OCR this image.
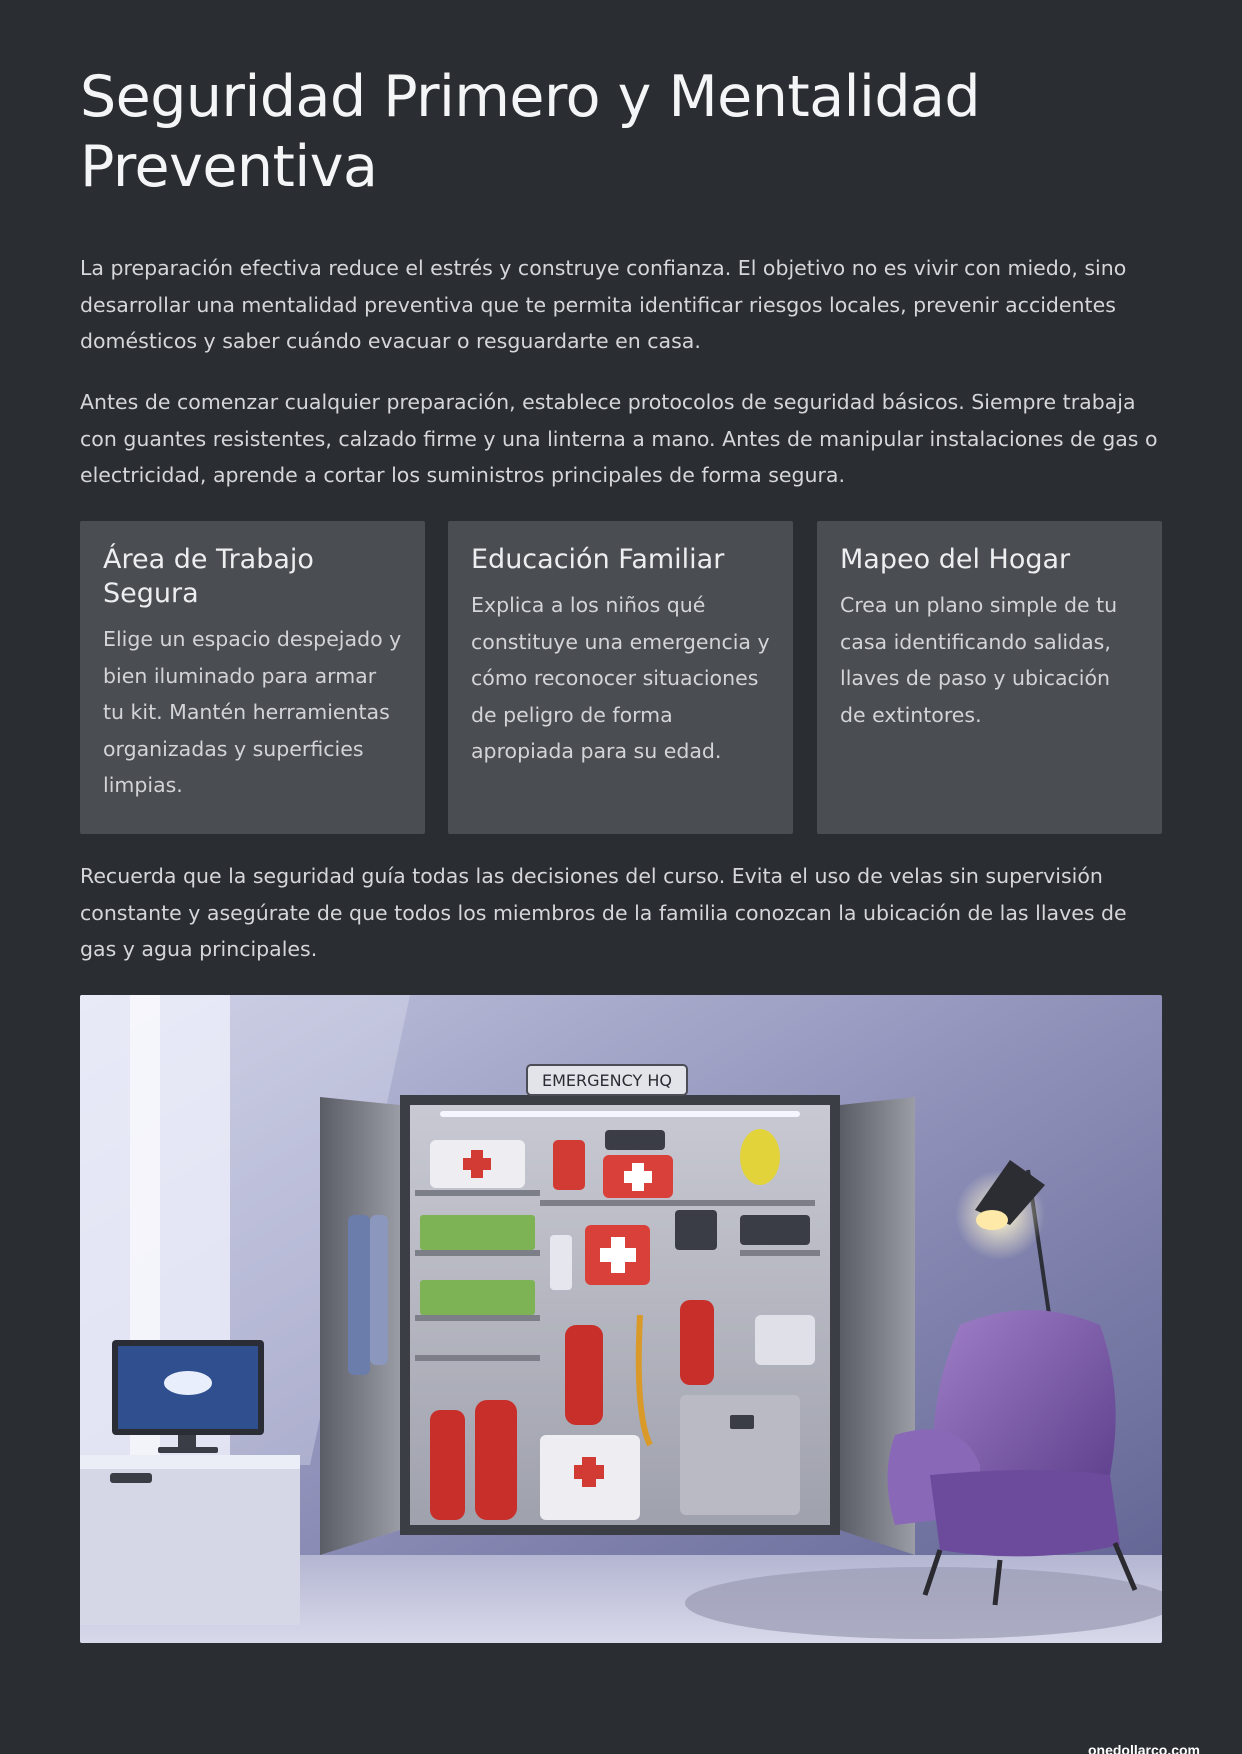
Seguridad Primero y Mentalidad Preventiva

La preparación efectiva reduce el estrés y construye confianza. El objetivo no es vivir con miedo, sino desarrollar una mentalidad preventiva que te permita identificar riesgos locales, prevenir accidentes domésticos y saber cuándo evacuar o resguardarte en casa.

Antes de comenzar cualquier preparación, establece protocolos de seguridad básicos. Siempre trabaja con guantes resistentes, calzado firme y una linterna a mano. Antes de manipular instalaciones de gas o electricidad, aprende a cortar los suministros principales de forma segura.

Área de Trabajo Segura

Elige un espacio despejado y bien iluminado para armar tu kit. Mantén herramientas organizadas y superficies limpias.

Educación Familiar

Explica a los niños qué constituye una emergencia y cómo reconocer situaciones de peligro de forma apropiada para su edad.

Mapeo del Hogar

Crea un plano simple de tu casa identificando salidas, llaves de paso y ubicación de extintores.

Recuerda que la seguridad guía todas las decisiones del curso. Evita el uso de velas sin supervisión constante y asegúrate de que todos los miembros de la familia conozcan la ubicación de las llaves de gas y agua principales.

EMERGENCY HQ
onedollarco.com
